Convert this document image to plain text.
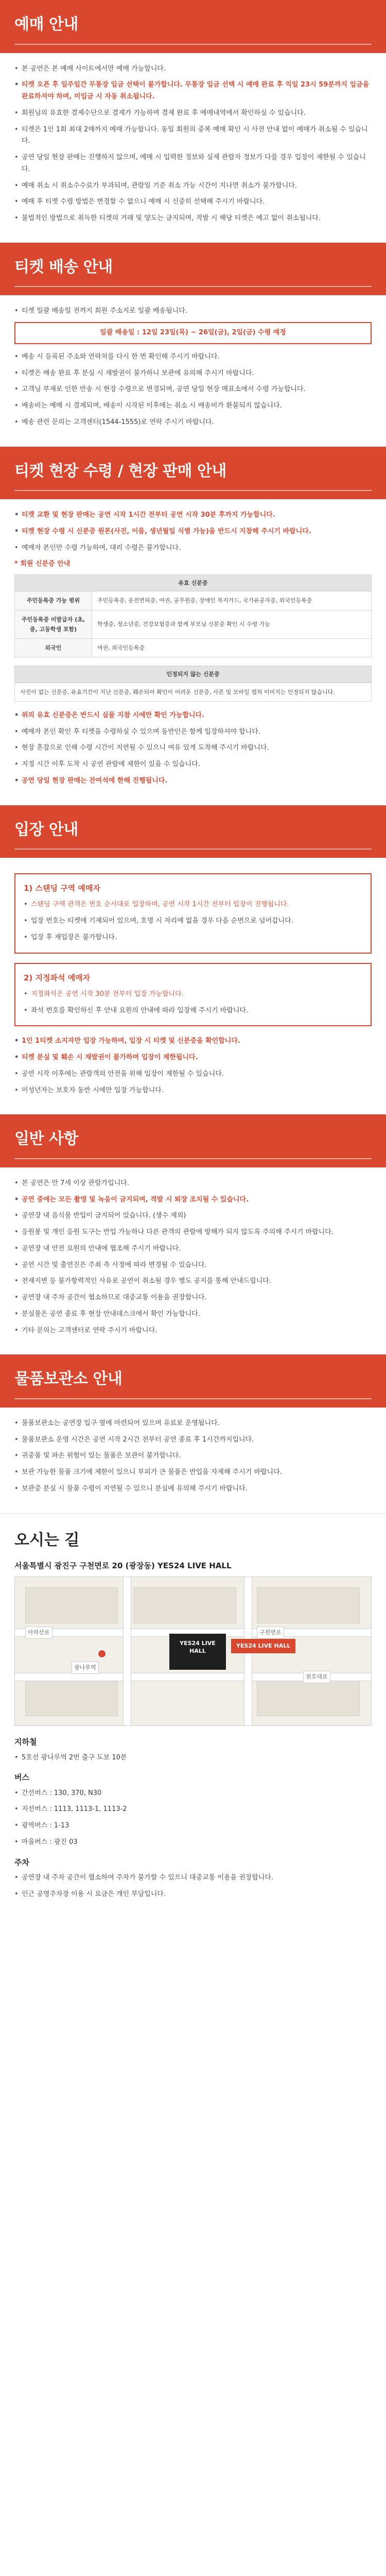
예매 안내
• 본 공연은 본 예매 사이트에서만 예매 가능합니다.
• 티켓 오픈 후 일주일간 무통장 입금 선택이 불가합니다. 무통장 입금 선택 시 예매 완료 후 익일 23시 59분까지 입금을 완료하셔야 하며, 미입금 시 자동 취소됩니다.
• 회원님의 유효한 결제수단으로 결제가 가능하며 결제 완료 후 예매내역에서 확인하실 수 있습니다.
• 티켓은 1인 1회 최대 2매까지 예매 가능합니다. 동일 회원의 중복 예매 확인 시 사전 안내 없이 예매가 취소될 수 있습니다.
• 공연 당일 현장 판매는 진행하지 않으며, 예매 시 입력한 정보와 실제 관람자 정보가 다를 경우 입장이 제한될 수 있습니다.
• 예매 취소 시 취소수수료가 부과되며, 관람일 기준 취소 가능 시간이 지나면 취소가 불가합니다.
• 예매 후 티켓 수령 방법은 변경할 수 없으니 예매 시 신중히 선택해 주시기 바랍니다.
• 불법적인 방법으로 취득한 티켓의 거래 및 양도는 금지되며, 적발 시 해당 티켓은 예고 없이 취소됩니다.
티켓 배송 안내
• 티켓 일괄 배송일 전까지 회원 주소지로 일괄 배송됩니다.
일괄 배송일 : 12일 23일(목) ~ 26일(금), 2일(금) 수령 예정
• 배송 시 등록된 주소와 연락처를 다시 한 번 확인해 주시기 바랍니다.
• 티켓은 배송 완료 후 분실 시 재발권이 불가하니 보관에 유의해 주시기 바랍니다.
• 고객님 부재로 인한 반송 시 현장 수령으로 변경되며, 공연 당일 현장 매표소에서 수령 가능합니다.
• 배송비는 예매 시 결제되며, 배송이 시작된 이후에는 취소 시 배송비가 환불되지 않습니다.
• 배송 관련 문의는 고객센터(1544-1555)로 연락 주시기 바랍니다.
티켓 현장 수령 / 현장 판매 안내
• 티켓 교환 및 현장 판매는 공연 시작 1시간 전부터 공연 시작 30분 후까지 가능합니다.
• 티켓 현장 수령 시 신분증 원본(사진, 이름, 생년월일 식별 가능)을 반드시 지참해 주시기 바랍니다.
• 예매자 본인만 수령 가능하며, 대리 수령은 불가합니다.
* 회원 신분증 안내
유효 신분증	
주민등록증 가능 범위	주민등록증, 운전면허증, 여권, 공무원증, 장애인 복지카드, 국가유공자증, 외국인등록증
주민등록증 미발급자 (초, 중, 고등학생 포함)	학생증, 청소년증, 건강보험증과 함께 부모님 신분증 확인 시 수령 가능
외국인	여권, 외국인등록증
인정되지 않는 신분증
사진이 없는 신분증, 유효기간이 지난 신분증, 훼손되어 확인이 어려운 신분증, 사본 및 모바일 캡처 이미지는 인정되지 않습니다.
• 위의 유효 신분증은 반드시 실물 지참 시에만 확인 가능합니다.
• 예매자 본인 확인 후 티켓을 수령하실 수 있으며 동반인은 함께 입장하셔야 합니다.
• 현장 혼잡으로 인해 수령 시간이 지연될 수 있으니 여유 있게 도착해 주시기 바랍니다.
• 지정 시간 이후 도착 시 공연 관람에 제한이 있을 수 있습니다.
• 공연 당일 현장 판매는 잔여석에 한해 진행됩니다.
입장 안내
1) 스탠딩 구역 예매자
• 스탠딩 구역 관객은 번호 순서대로 입장하며, 공연 시작 1시간 전부터 입장이 진행됩니다.
• 입장 번호는 티켓에 기재되어 있으며, 호명 시 자리에 없을 경우 다음 순번으로 넘어갑니다.
• 입장 후 재입장은 불가합니다.
2) 지정좌석 예매자
• 지정좌석은 공연 시작 30분 전부터 입장 가능합니다.
• 좌석 번호를 확인하신 후 안내 요원의 안내에 따라 입장해 주시기 바랍니다.
• 1인 1티켓 소지자만 입장 가능하며, 입장 시 티켓 및 신분증을 확인합니다.
• 티켓 분실 및 훼손 시 재발권이 불가하며 입장이 제한됩니다.
• 공연 시작 이후에는 관람객의 안전을 위해 입장이 제한될 수 있습니다.
• 미성년자는 보호자 동반 시에만 입장 가능합니다.
일반 사항
• 본 공연은 만 7세 이상 관람가입니다.
• 공연 중에는 모든 촬영 및 녹음이 금지되며, 적발 시 퇴장 조치될 수 있습니다.
• 공연장 내 음식물 반입이 금지되어 있습니다. (생수 제외)
• 응원봉 및 개인 응원 도구는 반입 가능하나 다른 관객의 관람에 방해가 되지 않도록 주의해 주시기 바랍니다.
• 공연장 내 안전 요원의 안내에 협조해 주시기 바랍니다.
• 공연 시간 및 출연진은 주최 측 사정에 따라 변경될 수 있습니다.
• 천재지변 등 불가항력적인 사유로 공연이 취소될 경우 별도 공지를 통해 안내드립니다.
• 공연장 내 주차 공간이 협소하므로 대중교통 이용을 권장합니다.
• 분실물은 공연 종료 후 현장 안내데스크에서 확인 가능합니다.
• 기타 문의는 고객센터로 연락 주시기 바랍니다.
물품보관소 안내
• 물품보관소는 공연장 입구 옆에 마련되어 있으며 유료로 운영됩니다.
• 물품보관소 운영 시간은 공연 시작 2시간 전부터 공연 종료 후 1시간까지입니다.
• 귀중품 및 파손 위험이 있는 물품은 보관이 불가합니다.
• 보관 가능한 물품 크기에 제한이 있으니 부피가 큰 물품은 반입을 자제해 주시기 바랍니다.
• 보관증 분실 시 물품 수령이 지연될 수 있으니 분실에 유의해 주시기 바랍니다.
오시는 길
서울특별시 광진구 구천면로 20 (광장동) YES24 LIVE HALL
YES24 LIVE HALL
YES24 LIVE HALL
광나루역
구천면로
아차산로
천호대로
지하철
• 5호선 광나루역 2번 출구 도보 10분
버스
• 간선버스 : 130, 370, N30
• 지선버스 : 1113, 1113-1, 1113-2
• 광역버스 : 1-13
• 마을버스 : 광진 03
주차
• 공연장 내 주차 공간이 협소하여 주차가 불가할 수 있으니 대중교통 이용을 권장합니다.
• 인근 공영주차장 이용 시 요금은 개인 부담입니다.
